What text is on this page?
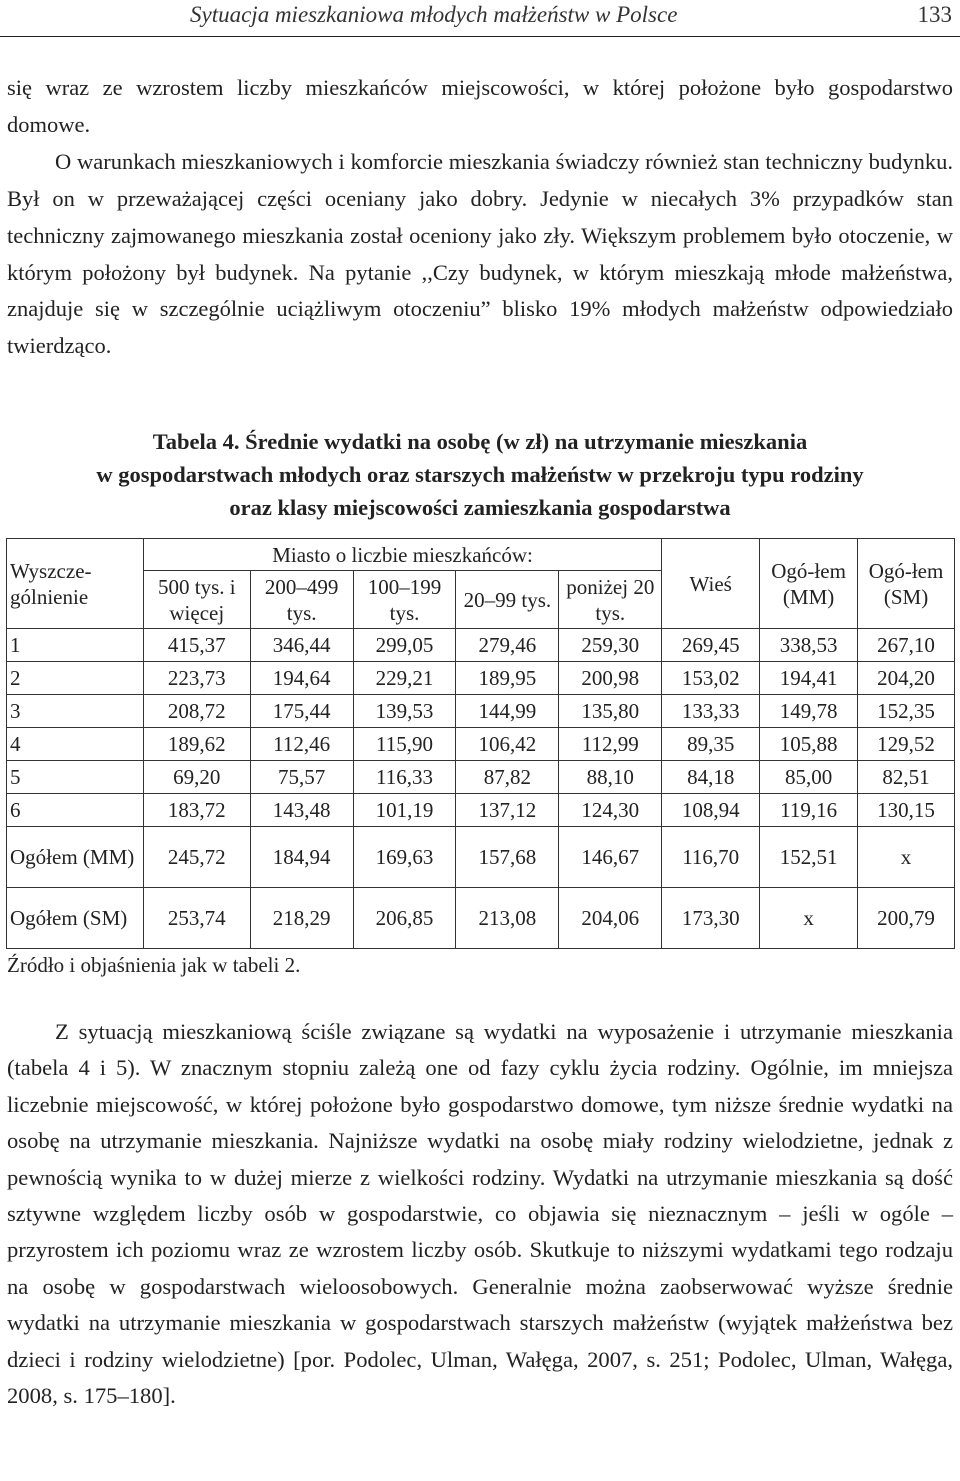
Sytuacja mieszkaniowa młodych małżeństw w Polsce	133

się wraz ze wzrostem liczby mieszkańców miejscowości, w której położone było gospodarstwo domowe.
O warunkach mieszkaniowych i komforcie mieszkania świadczy również stan techniczny budynku. Był on w przeważającej części oceniany jako dobry. Jedynie w niecałych 3% przypadków stan techniczny zajmowanego mieszkania został oceniony jako zły. Większym problemem było otoczenie, w którym położony był budynek. Na pytanie ,,Czy budynek, w którym mieszkają młode małżeństwa, znajduje się w szczególnie uciążliwym otoczeniu” blisko 19% młodych małżeństw odpowiedziało twierdząco.

Tabela 4. Średnie wydatki na osobę (w zł) na utrzymanie mieszkania
w gospodarstwach młodych oraz starszych małżeństw w przekroju typu rodziny
oraz klasy miejscowości zamieszkania gospodarstwa
Wyszcze-gólnienie	Miasto o liczbie mieszkańców:					Wieś	Ogó-łem (MM)	Ogó-łem (SM)
	500 tys. i więcej	200–499 tys.	100–199 tys.	20–99 tys.	poniżej 20 tys.			
1	415,37	346,44	299,05	279,46	259,30	269,45	338,53	267,10
2	223,73	194,64	229,21	189,95	200,98	153,02	194,41	204,20
3	208,72	175,44	139,53	144,99	135,80	133,33	149,78	152,35
4	189,62	112,46	115,90	106,42	112,99	89,35	105,88	129,52
5	69,20	75,57	116,33	87,82	88,10	84,18	85,00	82,51
6	183,72	143,48	101,19	137,12	124,30	108,94	119,16	130,15
Ogółem (MM)	245,72	184,94	169,63	157,68	146,67	116,70	152,51	x
Ogółem (SM)	253,74	218,29	206,85	213,08	204,06	173,30	x	200,79
Źródło i objaśnienia jak w tabeli 2.

Z sytuacją mieszkaniową ściśle związane są wydatki na wyposażenie i utrzymanie mieszkania (tabela 4 i 5). W znacznym stopniu zależą one od fazy cyklu życia rodziny. Ogólnie, im mniejsza liczebnie miejscowość, w której położone było gospodarstwo domowe, tym niższe średnie wydatki na osobę na utrzymanie mieszkania. Najniższe wydatki na osobę miały rodziny wielodzietne, jednak z pewnością wynika to w dużej mierze z wielkości rodziny. Wydatki na utrzymanie mieszkania są dość sztywne względem liczby osób w gospodarstwie, co objawia się nieznacznym – jeśli w ogóle – przyrostem ich poziomu wraz ze wzrostem liczby osób. Skutkuje to niższymi wydatkami tego rodzaju na osobę w gospodarstwach wieloosobowych. Generalnie można zaobserwować wyższe średnie wydatki na utrzymanie mieszkania w gospodarstwach starszych małżeństw (wyjątek małżeństwa bez dzieci i rodziny wielodzietne) [por. Podolec, Ulman, Wałęga, 2007, s. 251; Podolec, Ulman, Wałęga, 2008, s. 175–180].
